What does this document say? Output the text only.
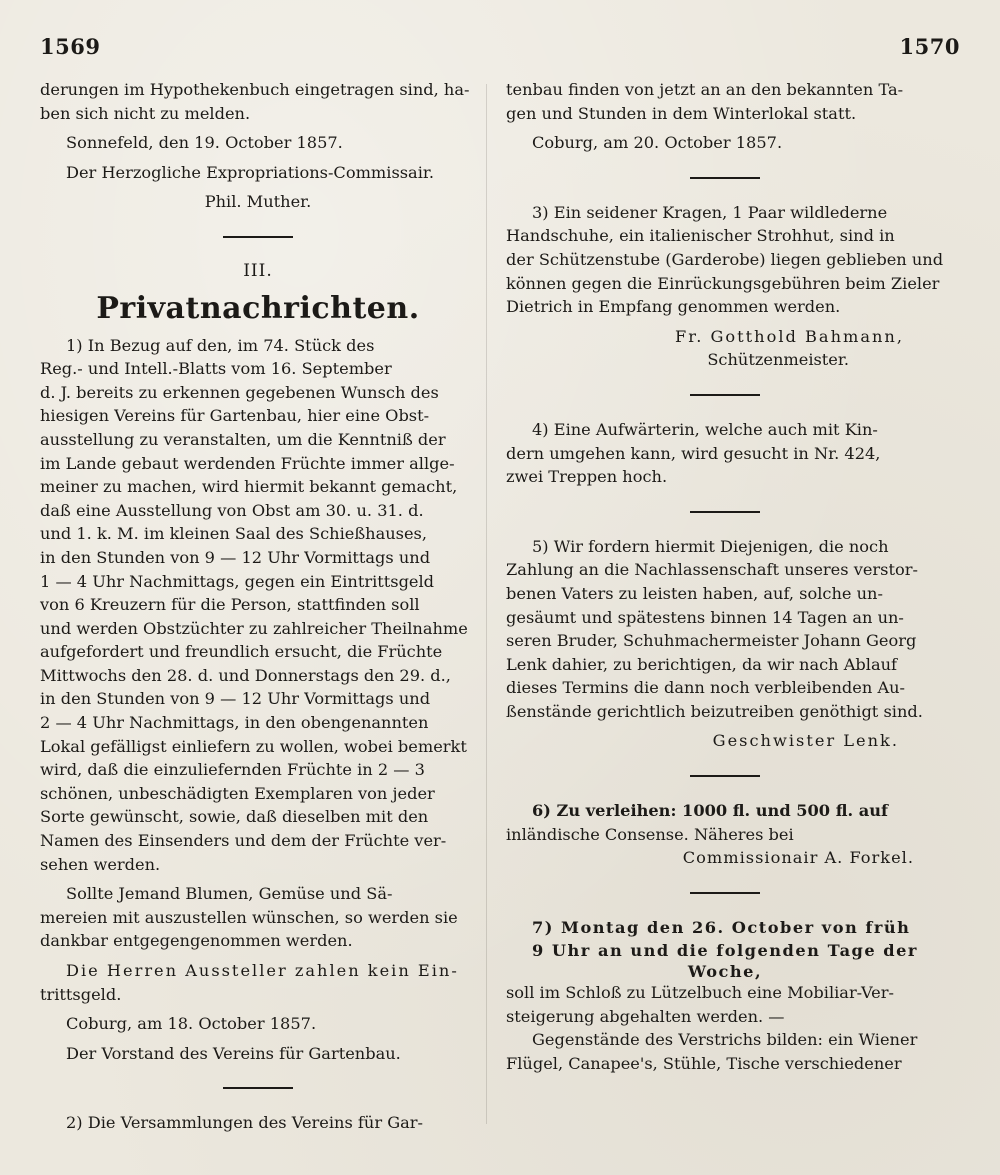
1569	1570

derungen im Hypothekenbuch eingetragen sind, ha-

ben sich nicht zu melden.

Sonnefeld, den 19. October 1857.

Der Herzogliche Expropriations-Commissair.

Phil. Muther.

III.

Privatnachrichten.

1) In Bezug auf den, im 74. Stück des

Reg.- und Intell.-Blatts vom 16. September

d. J. bereits zu erkennen gegebenen Wunsch des

hiesigen Vereins für Gartenbau, hier eine Obst-

ausstellung zu veranstalten, um die Kenntniß der

im Lande gebaut werdenden Früchte immer allge-

meiner zu machen, wird hiermit bekannt gemacht,

daß eine Ausstellung von Obst am 30. u. 31. d.

und 1. k. M. im kleinen Saal des Schießhauses,

in den Stunden von 9 — 12 Uhr Vormittags und

1 — 4 Uhr Nachmittags, gegen ein Eintrittsgeld

von 6 Kreuzern für die Person, stattfinden soll

und werden Obstzüchter zu zahlreicher Theilnahme

aufgefordert und freundlich ersucht, die Früchte

Mittwochs den 28. d. und Donnerstags den 29. d.,

in den Stunden von 9 — 12 Uhr Vormittags und

2 — 4 Uhr Nachmittags, in den obengenannten

Lokal gefälligst einliefern zu wollen, wobei bemerkt

wird, daß die einzuliefernden Früchte in 2 — 3

schönen, unbeschädigten Exemplaren von jeder

Sorte gewünscht, sowie, daß dieselben mit den

Namen des Einsenders und dem der Früchte ver-

sehen werden.

Sollte Jemand Blumen, Gemüse und Sä-

mereien mit auszustellen wünschen, so werden sie

dankbar entgegengenommen werden.

Die Herren Aussteller zahlen kein Ein-

trittsgeld.

Coburg, am 18. October 1857.

Der Vorstand des Vereins für Gartenbau.

2) Die Versammlungen des Vereins für Gar-

tenbau finden von jetzt an an den bekannten Ta-

gen und Stunden in dem Winterlokal statt.

Coburg, am 20. October 1857.

3) Ein seidener Kragen, 1 Paar wildlederne

Handschuhe, ein italienischer Strohhut, sind in

der Schützenstube (Garderobe) liegen geblieben und

können gegen die Einrückungsgebühren beim Zieler

Dietrich in Empfang genommen werden.

Fr. Gotthold Bahmann,

Schützenmeister.

4) Eine Aufwärterin, welche auch mit Kin-

dern umgehen kann, wird gesucht in Nr. 424,

zwei Treppen hoch.

5) Wir fordern hiermit Diejenigen, die noch

Zahlung an die Nachlassenschaft unseres verstor-

benen Vaters zu leisten haben, auf, solche un-

gesäumt und spätestens binnen 14 Tagen an un-

seren Bruder, Schuhmachermeister Johann Georg

Lenk dahier, zu berichtigen, da wir nach Ablauf

dieses Termins die dann noch verbleibenden Au-

ßenstände gerichtlich beizutreiben genöthigt sind.

Geschwister Lenk.

6) Zu verleihen: 1000 fl. und 500 fl. auf

inländische Consense. Näheres bei

Commissionair A. Forkel.

7) Montag den 26. October von früh

9 Uhr an und die folgenden Tage der

Woche,

soll im Schloß zu Lützelbuch eine Mobiliar-Ver-

steigerung abgehalten werden. —

Gegenstände des Verstrichs bilden: ein Wiener

Flügel, Canapee's, Stühle, Tische verschiedener
